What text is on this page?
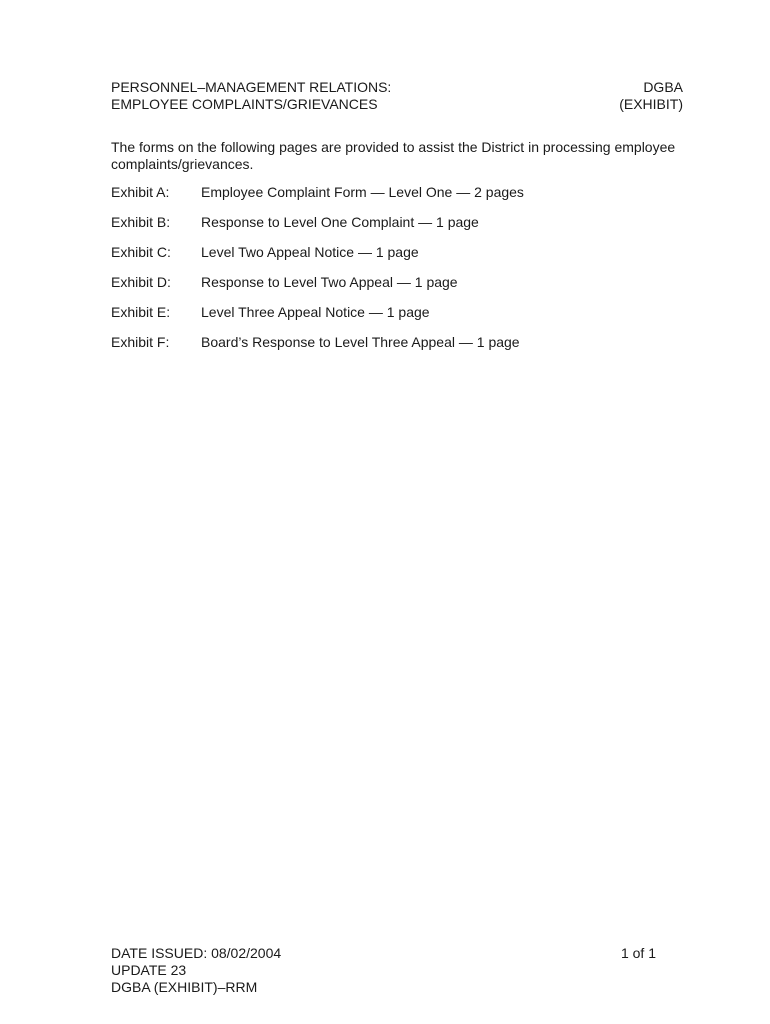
PERSONNEL–MANAGEMENT RELATIONS:
EMPLOYEE COMPLAINTS/GRIEVANCES
DGBA
(EXHIBIT)
The forms on the following pages are provided to assist the District in processing employee complaints/grievances.
Exhibit A:	Employee Complaint Form — Level One — 2 pages
Exhibit B:	Response to Level One Complaint — 1 page
Exhibit C:	Level Two Appeal Notice — 1 page
Exhibit D:	Response to Level Two Appeal — 1 page
Exhibit E:	Level Three Appeal Notice — 1 page
Exhibit F:	Board’s Response to Level Three Appeal — 1 page
DATE ISSUED: 08/02/2004
UPDATE 23
DGBA (EXHIBIT)–RRM
1 of 1
